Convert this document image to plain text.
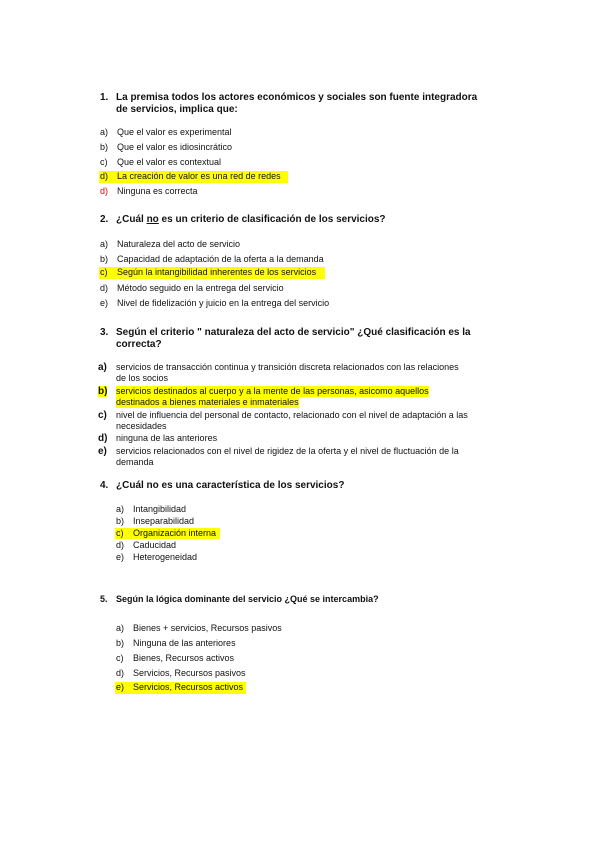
1. La premisa todos los actores económicos y sociales son fuente integradora
de servicios, implica que:
a) Que el valor es experimental
b) Que el valor es idiosincrático
c) Que el valor es contextual
d) La creación de valor es una red de redes
d) Ninguna es correcta
2. ¿Cuál no es un criterio de clasificación de los servicios?
a) Naturaleza del acto de servicio
b) Capacidad de adaptación de la oferta a la demanda
c) Según la intangibilidad inherentes de los servicios
d) Método seguido en la entrega del servicio
e) Nivel de fidelización y juicio en la entrega del servicio
3. Según el criterio " naturaleza del acto de servicio" ¿Qué clasificación es la
correcta?
a) servicios de transacción continua y transición discreta relacionados con las relaciones
de los socios
b) servicios destinados al cuerpo y a la mente de las personas, asicomo aquellos
destinados a bienes materiales e inmateriales
c) nivel de influencia del personal de contacto, relacionado con el nivel de adaptación a las
necesidades
d) ninguna de las anteriores
e) servicios relacionados con el nivel de rigidez de la oferta y el nivel de fluctuación de la
demanda
4. ¿Cuál no es una característica de los servicios?
a) Intangibilidad
b) Inseparabilidad
c) Organización interna
d) Caducidad
e) Heterogeneidad
5. Según la lógica dominante del servicio ¿Qué se intercambia?
a) Bienes + servicios, Recursos pasivos
b) Ninguna de las anteriores
c) Bienes, Recursos activos
d) Servicios, Recursos pasivos
e) Servicios, Recursos activos
